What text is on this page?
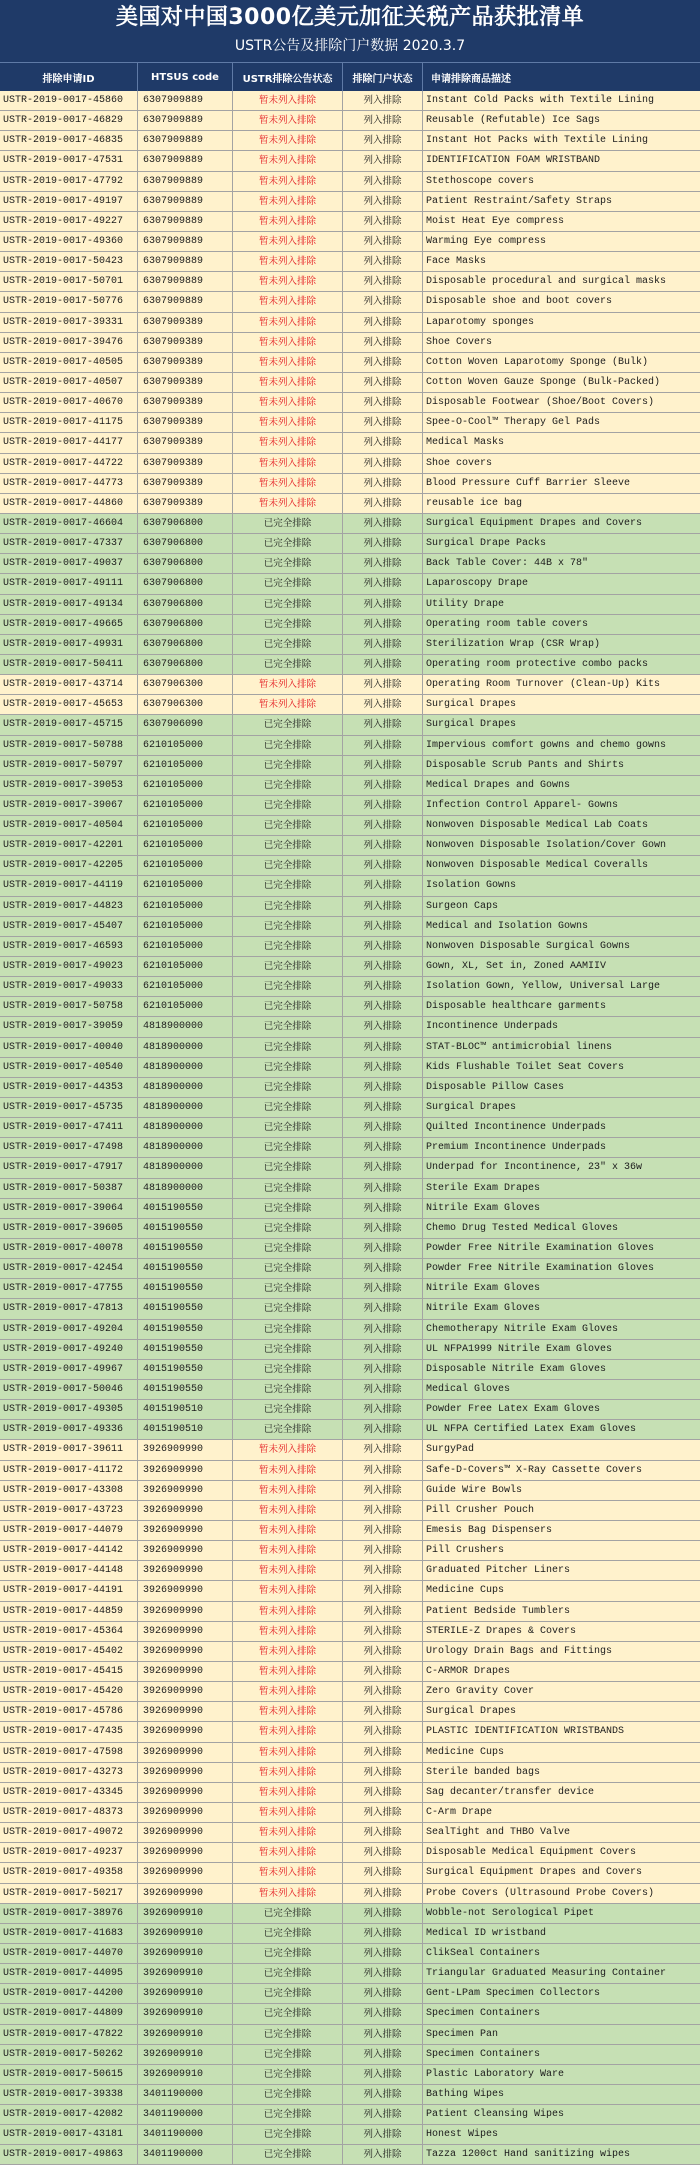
美国对中国3000亿美元加征关税产品获批清单
USTR公告及排除门户数据 2020.3.7
排除申请ID	HTSUS code	USTR排除公告状态	排除门户状态	申请排除商品描述
USTR-2019-0017-45860	6307909889	暂未列入排除	列入排除	Instant Cold Packs with Textile Lining
USTR-2019-0017-46829	6307909889	暂未列入排除	列入排除	Reusable (Refutable) Ice Sags
USTR-2019-0017-46835	6307909889	暂未列入排除	列入排除	Instant Hot Packs with Textile Lining
USTR-2019-0017-47531	6307909889	暂未列入排除	列入排除	IDENTIFICATION FOAM WRISTBAND
USTR-2019-0017-47792	6307909889	暂未列入排除	列入排除	Stethoscope covers
USTR-2019-0017-49197	6307909889	暂未列入排除	列入排除	Patient Restraint/Safety Straps
USTR-2019-0017-49227	6307909889	暂未列入排除	列入排除	Moist Heat Eye compress
USTR-2019-0017-49360	6307909889	暂未列入排除	列入排除	Warming Eye compress
USTR-2019-0017-50423	6307909889	暂未列入排除	列入排除	Face Masks
USTR-2019-0017-50701	6307909889	暂未列入排除	列入排除	Disposable procedural and surgical masks
USTR-2019-0017-50776	6307909889	暂未列入排除	列入排除	Disposable shoe and boot covers
USTR-2019-0017-39331	6307909389	暂未列入排除	列入排除	Laparotomy sponges
USTR-2019-0017-39476	6307909389	暂未列入排除	列入排除	Shoe Covers
USTR-2019-0017-40505	6307909389	暂未列入排除	列入排除	Cotton Woven Laparotomy Sponge (Bulk)
USTR-2019-0017-40507	6307909389	暂未列入排除	列入排除	Cotton Woven Gauze Sponge (Bulk-Packed)
USTR-2019-0017-40670	6307909389	暂未列入排除	列入排除	Disposable Footwear (Shoe/Boot Covers)
USTR-2019-0017-41175	6307909389	暂未列入排除	列入排除	Spee-O-Cool™ Therapy Gel Pads
USTR-2019-0017-44177	6307909389	暂未列入排除	列入排除	Medical Masks
USTR-2019-0017-44722	6307909389	暂未列入排除	列入排除	Shoe covers
USTR-2019-0017-44773	6307909389	暂未列入排除	列入排除	Blood Pressure Cuff Barrier Sleeve
USTR-2019-0017-44860	6307909389	暂未列入排除	列入排除	reusable ice bag
USTR-2019-0017-46604	6307906800	已完全排除	列入排除	Surgical Equipment Drapes and Covers
USTR-2019-0017-47337	6307906800	已完全排除	列入排除	Surgical Drape Packs
USTR-2019-0017-49037	6307906800	已完全排除	列入排除	Back Table Cover: 44B x 78"
USTR-2019-0017-49111	6307906800	已完全排除	列入排除	Laparoscopy Drape
USTR-2019-0017-49134	6307906800	已完全排除	列入排除	Utility Drape
USTR-2019-0017-49665	6307906800	已完全排除	列入排除	Operating room table covers
USTR-2019-0017-49931	6307906800	已完全排除	列入排除	Sterilization Wrap (CSR Wrap)
USTR-2019-0017-50411	6307906800	已完全排除	列入排除	Operating room protective combo packs
USTR-2019-0017-43714	6307906300	暂未列入排除	列入排除	Operating Room Turnover (Clean-Up) Kits
USTR-2019-0017-45653	6307906300	暂未列入排除	列入排除	Surgical Drapes
USTR-2019-0017-45715	6307906090	已完全排除	列入排除	Surgical Drapes
USTR-2019-0017-50788	6210105000	已完全排除	列入排除	Impervious comfort gowns and chemo gowns
USTR-2019-0017-50797	6210105000	已完全排除	列入排除	Disposable Scrub Pants and Shirts
USTR-2019-0017-39053	6210105000	已完全排除	列入排除	Medical Drapes and Gowns
USTR-2019-0017-39067	6210105000	已完全排除	列入排除	Infection Control Apparel- Gowns
USTR-2019-0017-40504	6210105000	已完全排除	列入排除	Nonwoven Disposable Medical Lab Coats
USTR-2019-0017-42201	6210105000	已完全排除	列入排除	Nonwoven Disposable Isolation/Cover Gown
USTR-2019-0017-42205	6210105000	已完全排除	列入排除	Nonwoven Disposable Medical Coveralls
USTR-2019-0017-44119	6210105000	已完全排除	列入排除	Isolation Gowns
USTR-2019-0017-44823	6210105000	已完全排除	列入排除	Surgeon Caps
USTR-2019-0017-45407	6210105000	已完全排除	列入排除	Medical and Isolation Gowns
USTR-2019-0017-46593	6210105000	已完全排除	列入排除	Nonwoven Disposable Surgical Gowns
USTR-2019-0017-49023	6210105000	已完全排除	列入排除	Gown, XL, Set in, Zoned AAMIIV
USTR-2019-0017-49033	6210105000	已完全排除	列入排除	Isolation Gown, Yellow, Universal Large
USTR-2019-0017-50758	6210105000	已完全排除	列入排除	Disposable healthcare garments
USTR-2019-0017-39059	4818900000	已完全排除	列入排除	Incontinence Underpads
USTR-2019-0017-40040	4818900000	已完全排除	列入排除	STAT-BLOC™ antimicrobial linens
USTR-2019-0017-40540	4818900000	已完全排除	列入排除	Kids Flushable Toilet Seat Covers
USTR-2019-0017-44353	4818900000	已完全排除	列入排除	Disposable Pillow Cases
USTR-2019-0017-45735	4818900000	已完全排除	列入排除	Surgical Drapes
USTR-2019-0017-47411	4818900000	已完全排除	列入排除	Quilted Incontinence Underpads
USTR-2019-0017-47498	4818900000	已完全排除	列入排除	Premium Incontinence Underpads
USTR-2019-0017-47917	4818900000	已完全排除	列入排除	Underpad for Incontinence, 23" x 36w
USTR-2019-0017-50387	4818900000	已完全排除	列入排除	Sterile Exam Drapes
USTR-2019-0017-39064	4015190550	已完全排除	列入排除	Nitrile Exam Gloves
USTR-2019-0017-39605	4015190550	已完全排除	列入排除	Chemo Drug Tested Medical Gloves
USTR-2019-0017-40078	4015190550	已完全排除	列入排除	Powder Free Nitrile Examination Gloves
USTR-2019-0017-42454	4015190550	已完全排除	列入排除	Powder Free Nitrile Examination Gloves
USTR-2019-0017-47755	4015190550	已完全排除	列入排除	Nitrile Exam Gloves
USTR-2019-0017-47813	4015190550	已完全排除	列入排除	Nitrile Exam Gloves
USTR-2019-0017-49204	4015190550	已完全排除	列入排除	Chemotherapy Nitrile Exam Gloves
USTR-2019-0017-49240	4015190550	已完全排除	列入排除	UL NFPA1999 Nitrile Exam Gloves
USTR-2019-0017-49967	4015190550	已完全排除	列入排除	Disposable Nitrile Exam Gloves
USTR-2019-0017-50046	4015190550	已完全排除	列入排除	Medical Gloves
USTR-2019-0017-49305	4015190510	已完全排除	列入排除	Powder Free Latex Exam Gloves
USTR-2019-0017-49336	4015190510	已完全排除	列入排除	UL NFPA Certified Latex Exam Gloves
USTR-2019-0017-39611	3926909990	暂未列入排除	列入排除	SurgyPad
USTR-2019-0017-41172	3926909990	暂未列入排除	列入排除	Safe-D-Covers™ X-Ray Cassette Covers
USTR-2019-0017-43308	3926909990	暂未列入排除	列入排除	Guide Wire Bowls
USTR-2019-0017-43723	3926909990	暂未列入排除	列入排除	Pill Crusher Pouch
USTR-2019-0017-44079	3926909990	暂未列入排除	列入排除	Emesis Bag Dispensers
USTR-2019-0017-44142	3926909990	暂未列入排除	列入排除	Pill Crushers
USTR-2019-0017-44148	3926909990	暂未列入排除	列入排除	Graduated Pitcher Liners
USTR-2019-0017-44191	3926909990	暂未列入排除	列入排除	Medicine Cups
USTR-2019-0017-44859	3926909990	暂未列入排除	列入排除	Patient Bedside Tumblers
USTR-2019-0017-45364	3926909990	暂未列入排除	列入排除	STERILE-Z Drapes & Covers
USTR-2019-0017-45402	3926909990	暂未列入排除	列入排除	Urology Drain Bags and Fittings
USTR-2019-0017-45415	3926909990	暂未列入排除	列入排除	C-ARMOR Drapes
USTR-2019-0017-45420	3926909990	暂未列入排除	列入排除	Zero Gravity Cover
USTR-2019-0017-45786	3926909990	暂未列入排除	列入排除	Surgical Drapes
USTR-2019-0017-47435	3926909990	暂未列入排除	列入排除	PLASTIC IDENTIFICATION WRISTBANDS
USTR-2019-0017-47598	3926909990	暂未列入排除	列入排除	Medicine Cups
USTR-2019-0017-43273	3926909990	暂未列入排除	列入排除	Sterile banded bags
USTR-2019-0017-43345	3926909990	暂未列入排除	列入排除	Sag decanter/transfer device
USTR-2019-0017-48373	3926909990	暂未列入排除	列入排除	C-Arm Drape
USTR-2019-0017-49072	3926909990	暂未列入排除	列入排除	SealTight and THBO Valve
USTR-2019-0017-49237	3926909990	暂未列入排除	列入排除	Disposable Medical Equipment Covers
USTR-2019-0017-49358	3926909990	暂未列入排除	列入排除	Surgical Equipment Drapes and Covers
USTR-2019-0017-50217	3926909990	暂未列入排除	列入排除	Probe Covers (Ultrasound Probe Covers)
USTR-2019-0017-38976	3926909910	已完全排除	列入排除	Wobble-not Serological Pipet
USTR-2019-0017-41683	3926909910	已完全排除	列入排除	Medical ID wristband
USTR-2019-0017-44070	3926909910	已完全排除	列入排除	ClikSeal Containers
USTR-2019-0017-44095	3926909910	已完全排除	列入排除	Triangular Graduated Measuring Container
USTR-2019-0017-44200	3926909910	已完全排除	列入排除	Gent-LPam Specimen Collectors
USTR-2019-0017-44809	3926909910	已完全排除	列入排除	Specimen Containers
USTR-2019-0017-47822	3926909910	已完全排除	列入排除	Specimen Pan
USTR-2019-0017-50262	3926909910	已完全排除	列入排除	Specimen Containers
USTR-2019-0017-50615	3926909910	已完全排除	列入排除	Plastic Laboratory Ware
USTR-2019-0017-39338	3401190000	已完全排除	列入排除	Bathing Wipes
USTR-2019-0017-42082	3401190000	已完全排除	列入排除	Patient Cleansing Wipes
USTR-2019-0017-43181	3401190000	已完全排除	列入排除	Honest Wipes
USTR-2019-0017-49863	3401190000	已完全排除	列入排除	Tazza 1200ct Hand sanitizing wipes
